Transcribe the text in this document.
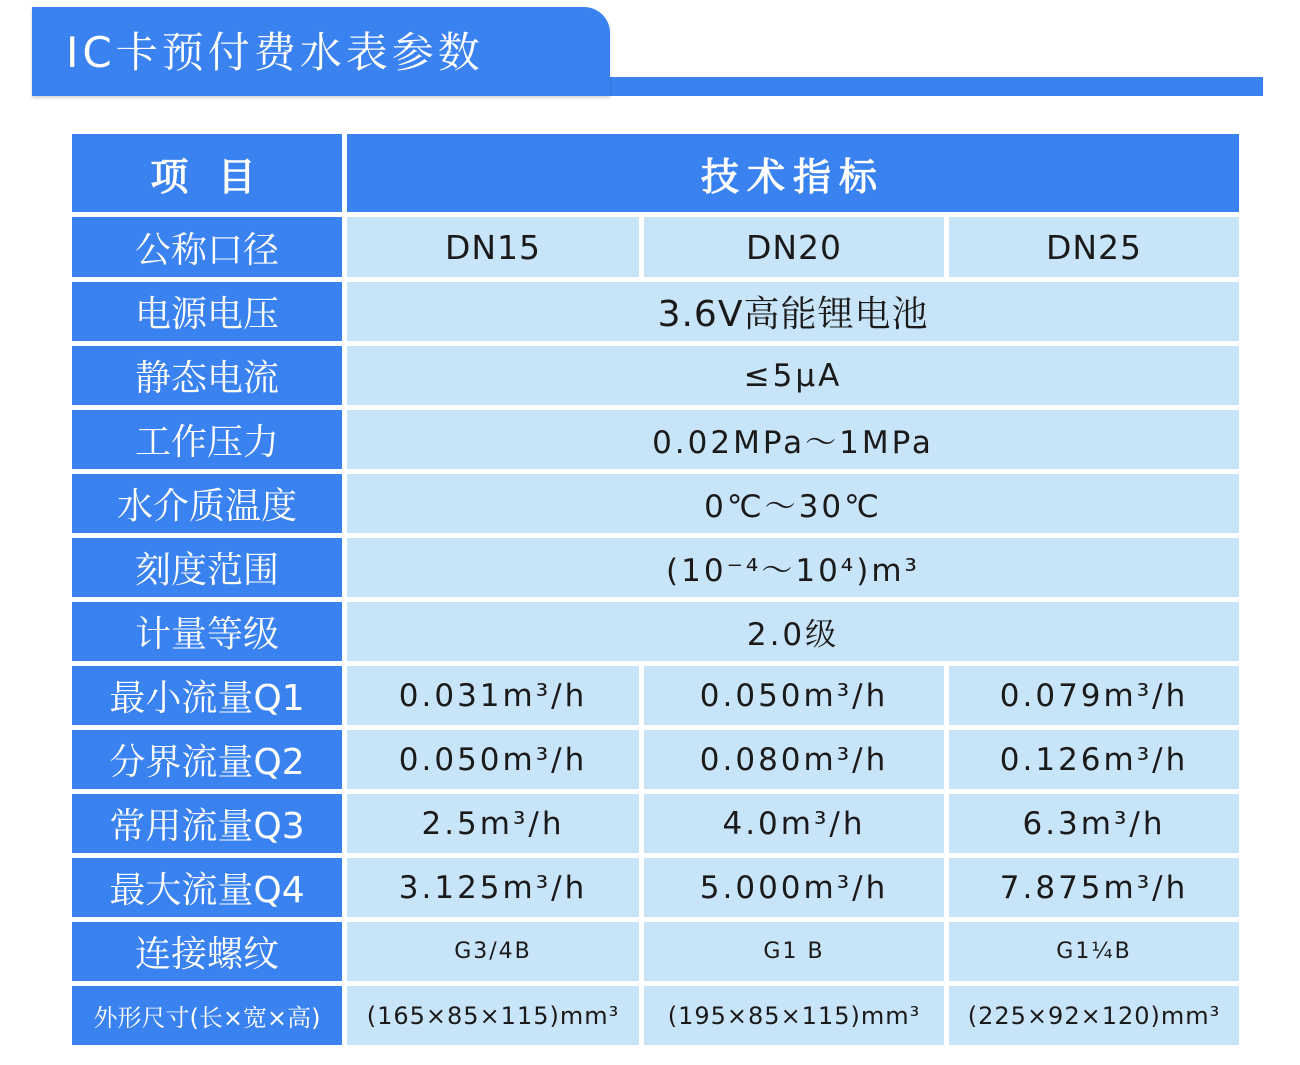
IC卡预付费水表参数
项 目	技术指标		
公称口径	DN15	DN20	DN25
电源电压	3.6V高能锂电池		
静态电流	≤5μA		
工作压力	0.02MPa～1MPa		
水介质温度	0℃～30℃		
刻度范围	(10⁻⁴～10⁴)m³		
计量等级	2.0级		
最小流量Q1	0.031m³/h	0.050m³/h	0.079m³/h
分界流量Q2	0.050m³/h	0.080m³/h	0.126m³/h
常用流量Q3	2.5m³/h	4.0m³/h	6.3m³/h
最大流量Q4	3.125m³/h	5.000m³/h	7.875m³/h
连接螺纹	G3/4B	G1 B	G1¼B
外形尺寸(长×宽×高)	(165×85×115)mm³	(195×85×115)mm³	(225×92×120)mm³
